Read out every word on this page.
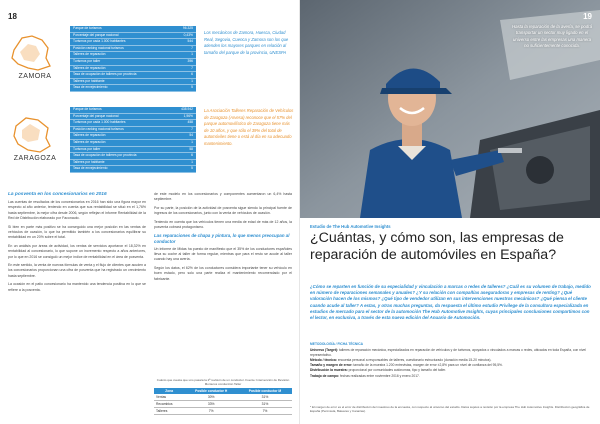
18
ZAMORA
Parque de turismos	96.325
Porcentaje del parque nacional	0,43%
Turismos por cada 1.000 habitantes	544
Posición ranking nacional turismos	7
Talleres de reparación	1
Turismos por taller	396
Talleres de reparación	7
Tasa de ocupación de talleres por provincia	6
Talleres por habitante	1
Tasa de envejecimiento	5
Los mecánicos de Zamora, Huesca, Ciudad Real, Segovia, Cuenca y Zamora son los que atienden los mayores parques en relación al tamaño del parque de la provincia, UNESPA
ZARAGOZA
Parque de turismos	438.942
Porcentaje del parque nacional	1,96%
Turismos por cada 1.000 habitantes	458
Posición ranking nacional turismos	7
Talleres de reparación	54
Talleres de reparación	1
Turismos por taller	58
Tasa de ocupación de talleres por provincia	6
Talleres por habitante	1
Tasa de envejecimiento	5
La Asociación Talleres Reparación de Vehículos de Zaragoza (Arvesa) reconoce que el 57% del parque automovilístico de Zaragoza tiene más de 10 años, y que sólo el 39% del total de automóviles tiene o está al día en su adecuado mantenimiento.
La posventa en los concesionarios en 2016

Las cuentas de resultados de los concesionarios en 2016 han sido una figura mayor en respecto al año anterior, teniendo en cuenta que sus rentabilidad se situó en el 1,76% hasta septiembre, la mejor cifra desde 2006, según reflejan el informe Rentabilidad de la Red de Distribución elaborado por Faconauto.

Si bien en parte más positivo se ha conseguido una mejor posición en las ventas de vehículos de ocasión, lo que ha permitido también a los concesionarios equilibrar su rentabilidad en un 20% sobre el total.

En un análisis por áreas de actividad, los ventas de servicios aportaron el 18,32% en rentabilidad al concesionario, lo que supone un incremento respecto a años anteriores, por lo que en 2016 se consiguió un mejor índice de rentabilidad en el área de posventa.

En este sentido, la venta de nuevas fórmulas de venta y el flujo de clientes que acuden a los concesionarios proporcionan una cifra de posventa que ha registrado un crecimiento hasta septiembre.

La ocasión en el patio concesionario ha mantenido una tendencia positiva en lo que se refiere a la posventa.

de este modelo en los concesionarios y componentes aumentaron un 6,4% hasta septiembre.

Por su parte, la posición de la actividad de posventa sigue siendo la principal fuente de ingresos de los concesionarios, junto con la venta de vehículos de ocasión.

Teniendo en cuenta que los vehículos tienen una media de edad de más de 12 años, la posventa cobrará protagonismo.

Las reparaciones de chapa y pintura, lo que menos preocupan al conductor

Un informe de Midas ha puesto de manifiesto que el 35% de los conductores españoles lleva su coche al taller de forma regular, mientras que para el resto se acude al taller cuando hay una avería.

Según los datos, el 62% de los conductores considera importante tener su vehículo en buen estado, pero solo una parte realiza el mantenimiento recomendado por el fabricante.

Cuánto que cuesta que uno pasara la 2ª revisión de un conductor. Fuente: Intervención de Revisión Monteros conducción Taller
Zona	Posible conductor H	Posible conductor M
Ventas	30%	31%
Recambios	33%	31%
Talleres	7%	7%
Hasta la reparación de la avería, se podrá transportar un sector muy ligado en el universo entre las empresas una manera no suficientemente conocida.
19
Estudio de The Hub Automotive Insights
¿Cuántas, y cómo son, las empresas de reparación de automóviles en España?
¿Cómo se reparten en función de su especialidad y vinculación a marcas o redes de talleres? ¿Cuál es su volumen de trabajo, medido en número de reparaciones semanales y anuales? ¿Y su relación con compañías aseguradoras y empresas de renting? ¿Qué valoración hacen de los mismos? ¿Qué tipo de vendedor utilizan en sus intervenciones nuestros mecánicos? ¿Qué piensa el cliente cuando acude al taller? A estas, y otras muchas preguntas, da respuesta el último estudio Privilege de la consultora especializada en estudios de mercado para el sector de la automoción The Hub Automotive Insights, cuyas principales conclusiones compartimos con el lector, en exclusiva, a través de esta nueva edición del Anuario de Automoción.
METODOLOGÍA / FICHA TÉCNICA
Universo (Target): talleres de reparación mecánica, especializados en reparación de vehículos y de turismos, apoyados o vinculados a marcas o redes, ubicados en toda España, con nivel representativo.
Método / técnica: encuesta personal a responsables de talleres, cuestionario estructurado (duración media 15-20 minutos).
Tamaño y margen de error: tamaño de la muestra 1.200 entrevistas, margen de error ±2,8% para un nivel de confianza del 95,5%.
Distribución la muestra: proporcional por comunidades autónomas, tipo y tamaño del taller.
Trabajo de campo: fechas realizadas entre noviembre 2016 y enero 2017.
* El margen de error es el error de distribución del muestreo de la encuesta, con respecto al universo del estudio. Datos sujetos a revisión por la empresa The Hub Automotive Insights. Distribución geográfica de España (Península, Baleares y Canarias).
